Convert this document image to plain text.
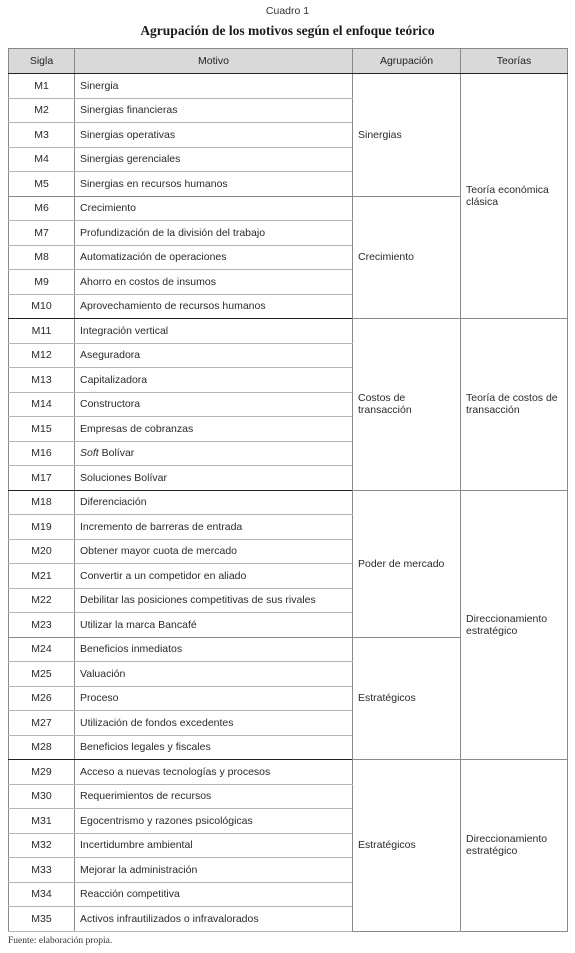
Cuadro 1
Agrupación de los motivos según el enfoque teórico
Sigla	Motivo	Agrupación	Teorías
M1	Sinergia	Sinergias	Teoría económica clásica
M2	Sinergias financieras		
M3	Sinergias operativas		
M4	Sinergias gerenciales		
M5	Sinergias en recursos humanos		
M6	Crecimiento	Crecimiento	
M7	Profundización de la división del trabajo		
M8	Automatización de operaciones		
M9	Ahorro en costos de insumos		
M10	Aprovechamiento de recursos humanos		
M11	Integración vertical	Costos de transacción	Teoría de costos de transacción
M12	Aseguradora		
M13	Capitalizadora		
M14	Constructora		
M15	Empresas de cobranzas		
M16	Soft Bolívar		
M17	Soluciones Bolívar		
M18	Diferenciación	Poder de mercado	Direccionamiento estratégico
M19	Incremento de barreras de entrada		
M20	Obtener mayor cuota de mercado		
M21	Convertir a un competidor en aliado		
M22	Debilitar las posiciones competitivas de sus rivales		
M23	Utilizar la marca Bancafé		
M24	Beneficios inmediatos	Estratégicos	
M25	Valuación		
M26	Proceso		
M27	Utilización de fondos excedentes		
M28	Beneficios legales y fiscales		
M29	Acceso a nuevas tecnologías y procesos	Estratégicos	Direccionamiento estratégico
M30	Requerimientos de recursos		
M31	Egocentrismo y razones psicológicas		
M32	Incertidumbre ambiental		
M33	Mejorar la administración		
M34	Reacción competitiva		
M35	Activos infrautilizados o infravalorados		
Fuente: elaboración propia.
